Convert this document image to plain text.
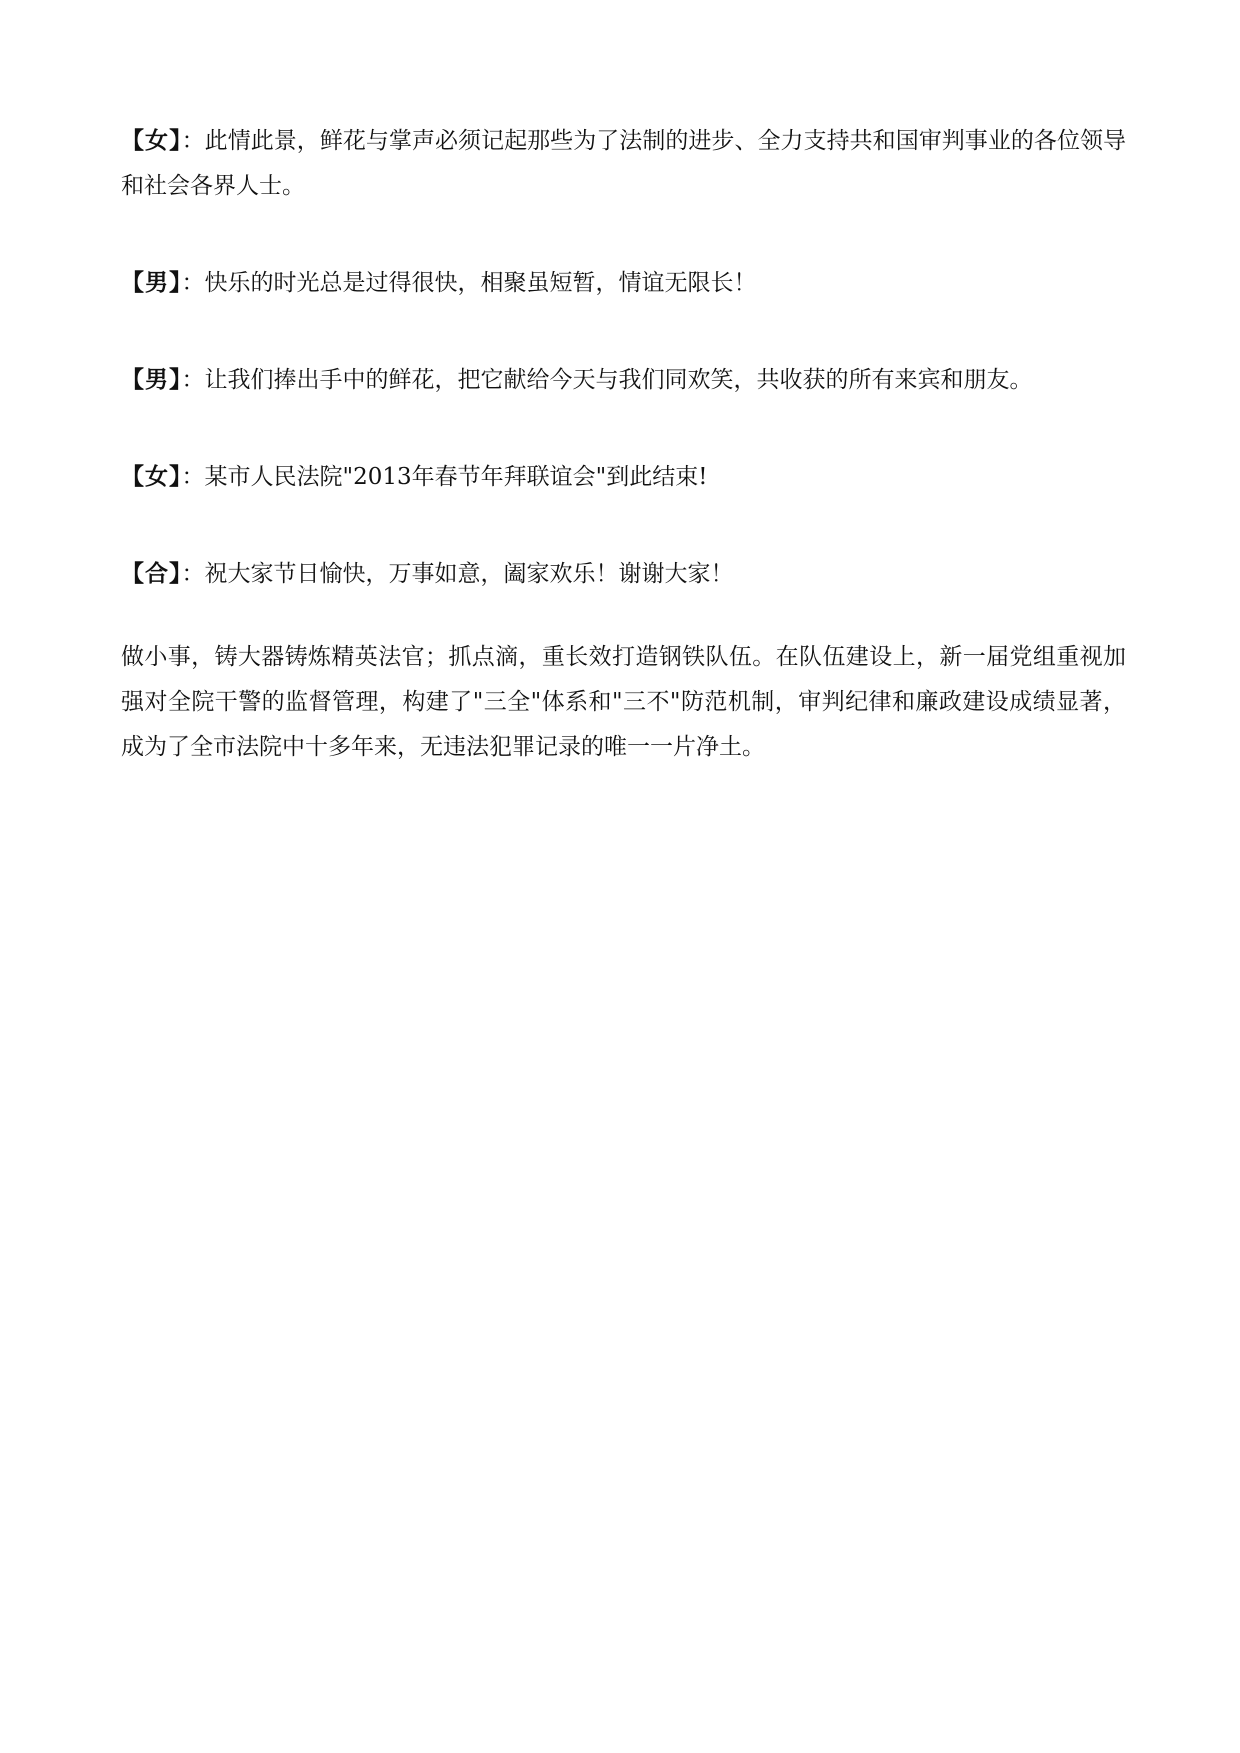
【女】：此情此景，鲜花与掌声必须记起那些为了法制的进步、全力支持共和国审判事业的各位领导和社会各界人士。
【男】：快乐的时光总是过得很快，相聚虽短暂，情谊无限长！
【男】：让我们捧出手中的鲜花，把它献给今天与我们同欢笑，共收获的所有来宾和朋友。
【女】：某市人民法院"2013年春节年拜联谊会"到此结束!
【合】：祝大家节日愉快，万事如意，阖家欢乐！谢谢大家！
做小事，铸大器铸炼精英法官；抓点滴，重长效打造钢铁队伍。在队伍建设上，新一届党组重视加强对全院干警的监督管理，构建了"三全"体系和"三不"防范机制，审判纪律和廉政建设成绩显著，成为了全市法院中十多年来，无违法犯罪记录的唯一一片净土。
